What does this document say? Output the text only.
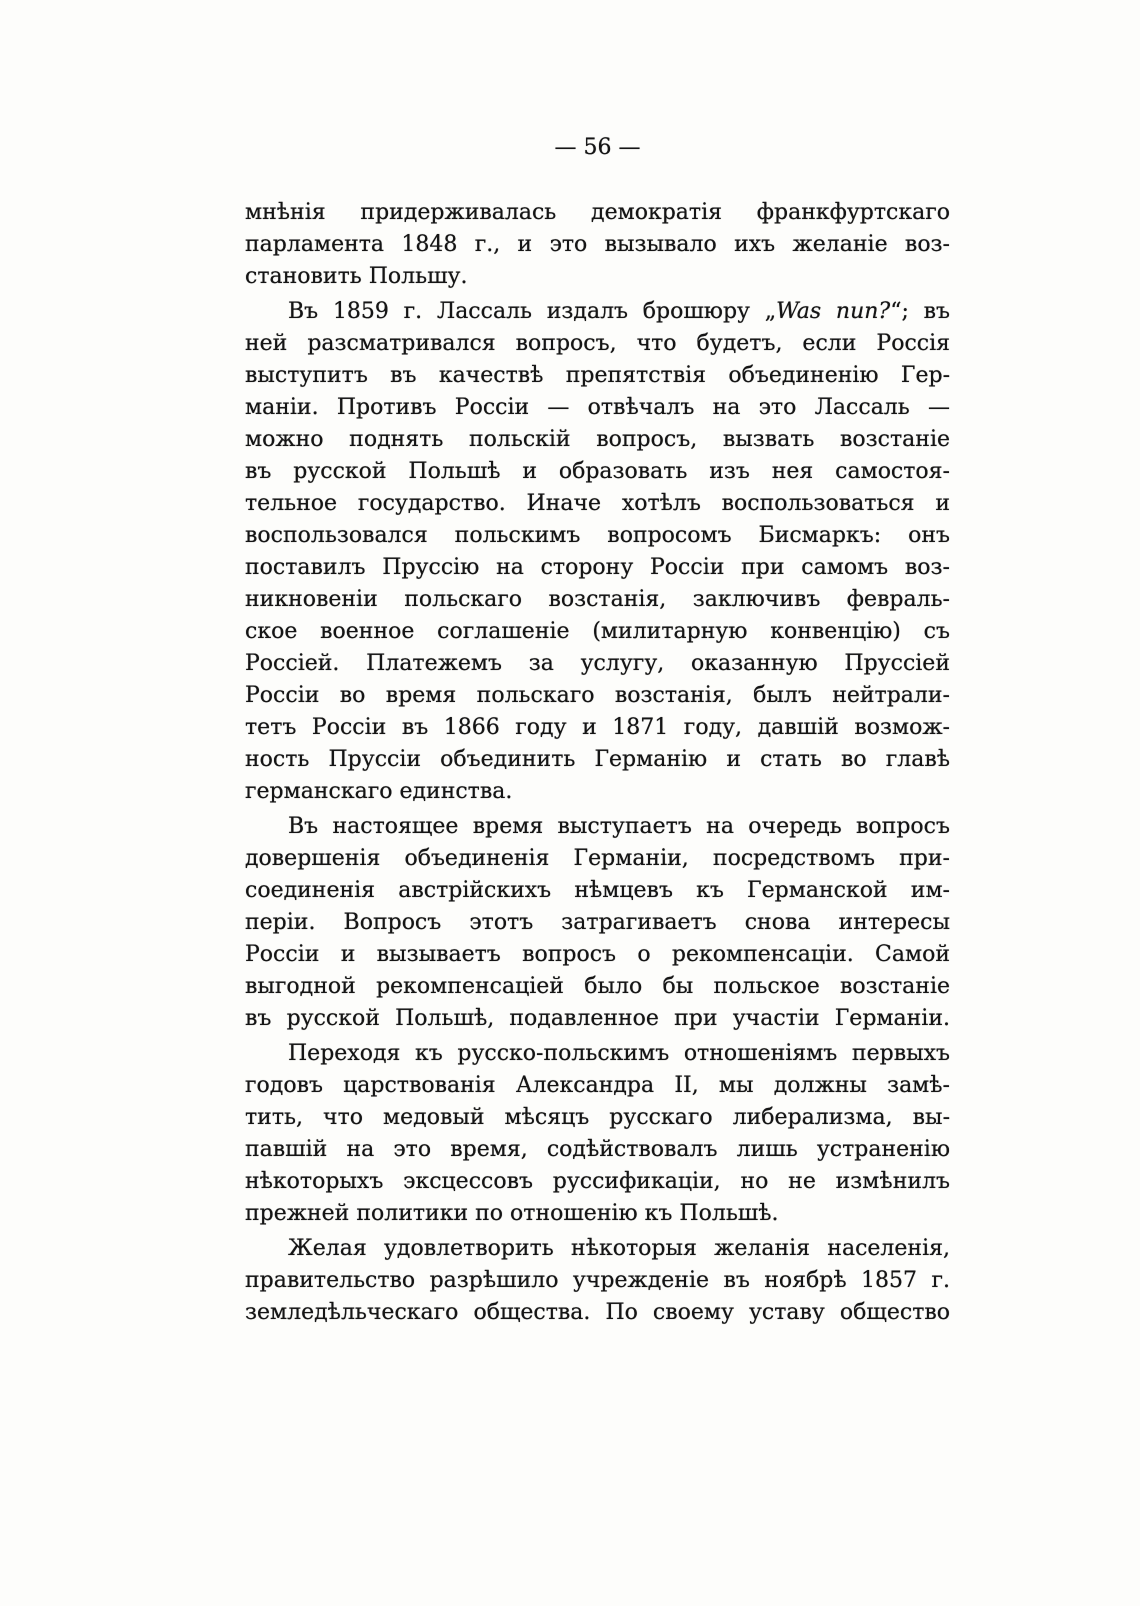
— 56 —
мнѣнія придерживалась демократія франкфуртскаго
парламента 1848 г., и это вызывало ихъ желаніе воз-
становить Польшу.
Въ 1859 г. Лассаль издалъ брошюру „Was nun?“; въ
ней разсматривался вопросъ, что будетъ, если Россія
выступитъ въ качествѣ препятствія объединенію Гер-
маніи. Противъ Россіи — отвѣчалъ на это Лассаль —
можно поднять польскій вопросъ, вызвать возстаніе
въ русской Польшѣ и образовать изъ нея самостоя-
тельное государство. Иначе хотѣлъ воспользоваться и
воспользовался польскимъ вопросомъ Бисмаркъ: онъ
поставилъ Пруссію на сторону Россіи при самомъ воз-
никновеніи польскаго возстанія, заключивъ февраль-
ское военное соглашеніе (милитарную конвенцію) съ
Россіей. Платежемъ за услугу, оказанную Пруссіей
Россіи во время польскаго возстанія, былъ нейтрали-
тетъ Россіи въ 1866 году и 1871 году, давшій возмож-
ность Пруссіи объединить Германію и стать во главѣ
германскаго единства.
Въ настоящее время выступаетъ на очередь вопросъ
довершенія объединенія Германіи, посредствомъ при-
соединенія австрійскихъ нѣмцевъ къ Германской им-
періи. Вопросъ этотъ затрагиваетъ снова интересы
Россіи и вызываетъ вопросъ о рекомпенсаціи. Самой
выгодной рекомпенсаціей было бы польское возстаніе
въ русской Польшѣ, подавленное при участіи Германіи.
Переходя къ русско-польскимъ отношеніямъ первыхъ
годовъ царствованія Александра II, мы должны замѣ-
тить, что медовый мѣсяцъ русскаго либерализма, вы-
павшій на это время, содѣйствовалъ лишь устраненію
нѣкоторыхъ эксцессовъ руссификаціи, но не измѣнилъ
прежней политики по отношенію къ Польшѣ.
Желая удовлетворить нѣкоторыя желанія населенія,
правительство разрѣшило учрежденіе въ ноябрѣ 1857 г.
земледѣльческаго общества. По своему уставу общество
